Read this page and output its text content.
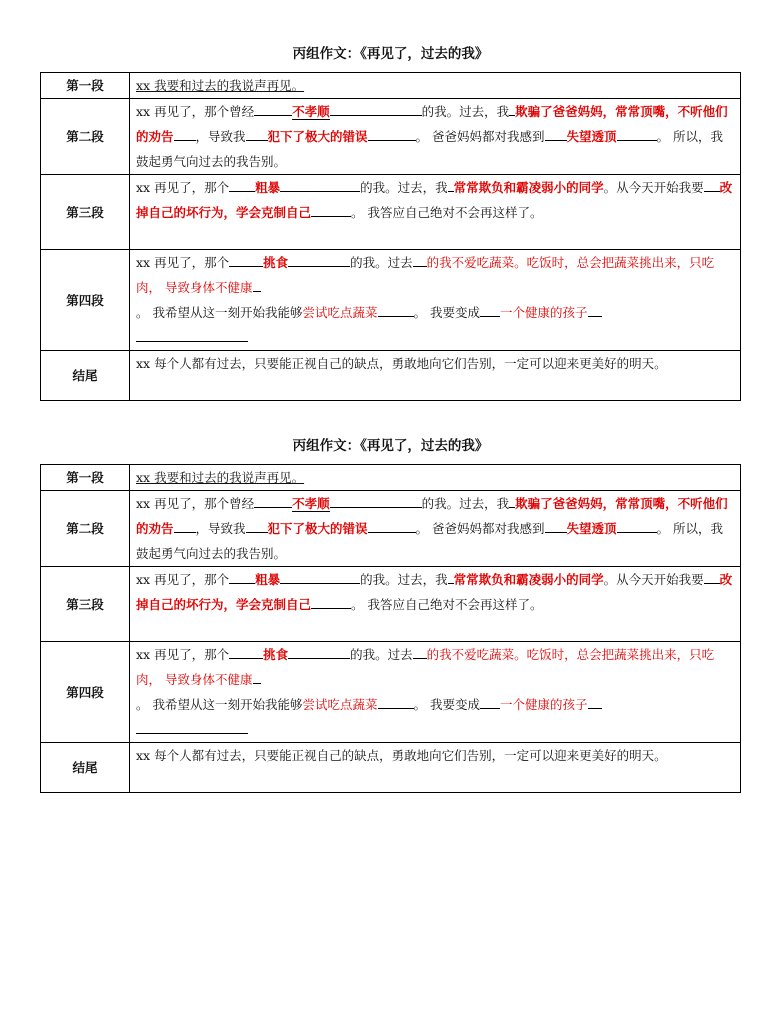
丙组作文：《再见了，过去的我》
第一段	xx 我要和过去的我说声再见。
第二段	xx 再见了，那个曾经 不孝顺 的我。过去，我 欺骗了爸爸妈妈，常常顶嘴，不听他们的劝告 ，导致我 犯下了极大的错误 。 爸爸妈妈都对我感到 失望透顶 。 所以，我鼓起勇气向过去的我告别。
第三段	xx 再见了，那个 粗暴 的我。过去，我 常常欺负和霸凌弱小的同学。从今天开始我要 改掉自己的坏行为，学会克制自己 。 我答应自己绝对不会再这样了。
第四段	xx 再见了，那个 挑食 的我。过去 的我不爱吃蔬菜。吃饭时，总会把蔬菜挑出来，只吃肉， 导致身体不健康
。 我希望从这一刻开始我能够尝试吃点蔬菜 。 我要变成 一个健康的孩子

结尾	xx 每个人都有过去，只要能正视自己的缺点，勇敢地向它们告别，一定可以迎来更美好的明天。
丙组作文：《再见了，过去的我》
第一段	xx 我要和过去的我说声再见。
第二段	xx 再见了，那个曾经 不孝顺 的我。过去，我 欺骗了爸爸妈妈，常常顶嘴，不听他们的劝告 ，导致我 犯下了极大的错误 。 爸爸妈妈都对我感到 失望透顶 。 所以，我鼓起勇气向过去的我告别。
第三段	xx 再见了，那个 粗暴 的我。过去，我 常常欺负和霸凌弱小的同学。从今天开始我要 改掉自己的坏行为，学会克制自己 。 我答应自己绝对不会再这样了。
第四段	xx 再见了，那个 挑食 的我。过去 的我不爱吃蔬菜。吃饭时，总会把蔬菜挑出来，只吃肉， 导致身体不健康
。 我希望从这一刻开始我能够尝试吃点蔬菜 。 我要变成 一个健康的孩子

结尾	xx 每个人都有过去，只要能正视自己的缺点，勇敢地向它们告别，一定可以迎来更美好的明天。
